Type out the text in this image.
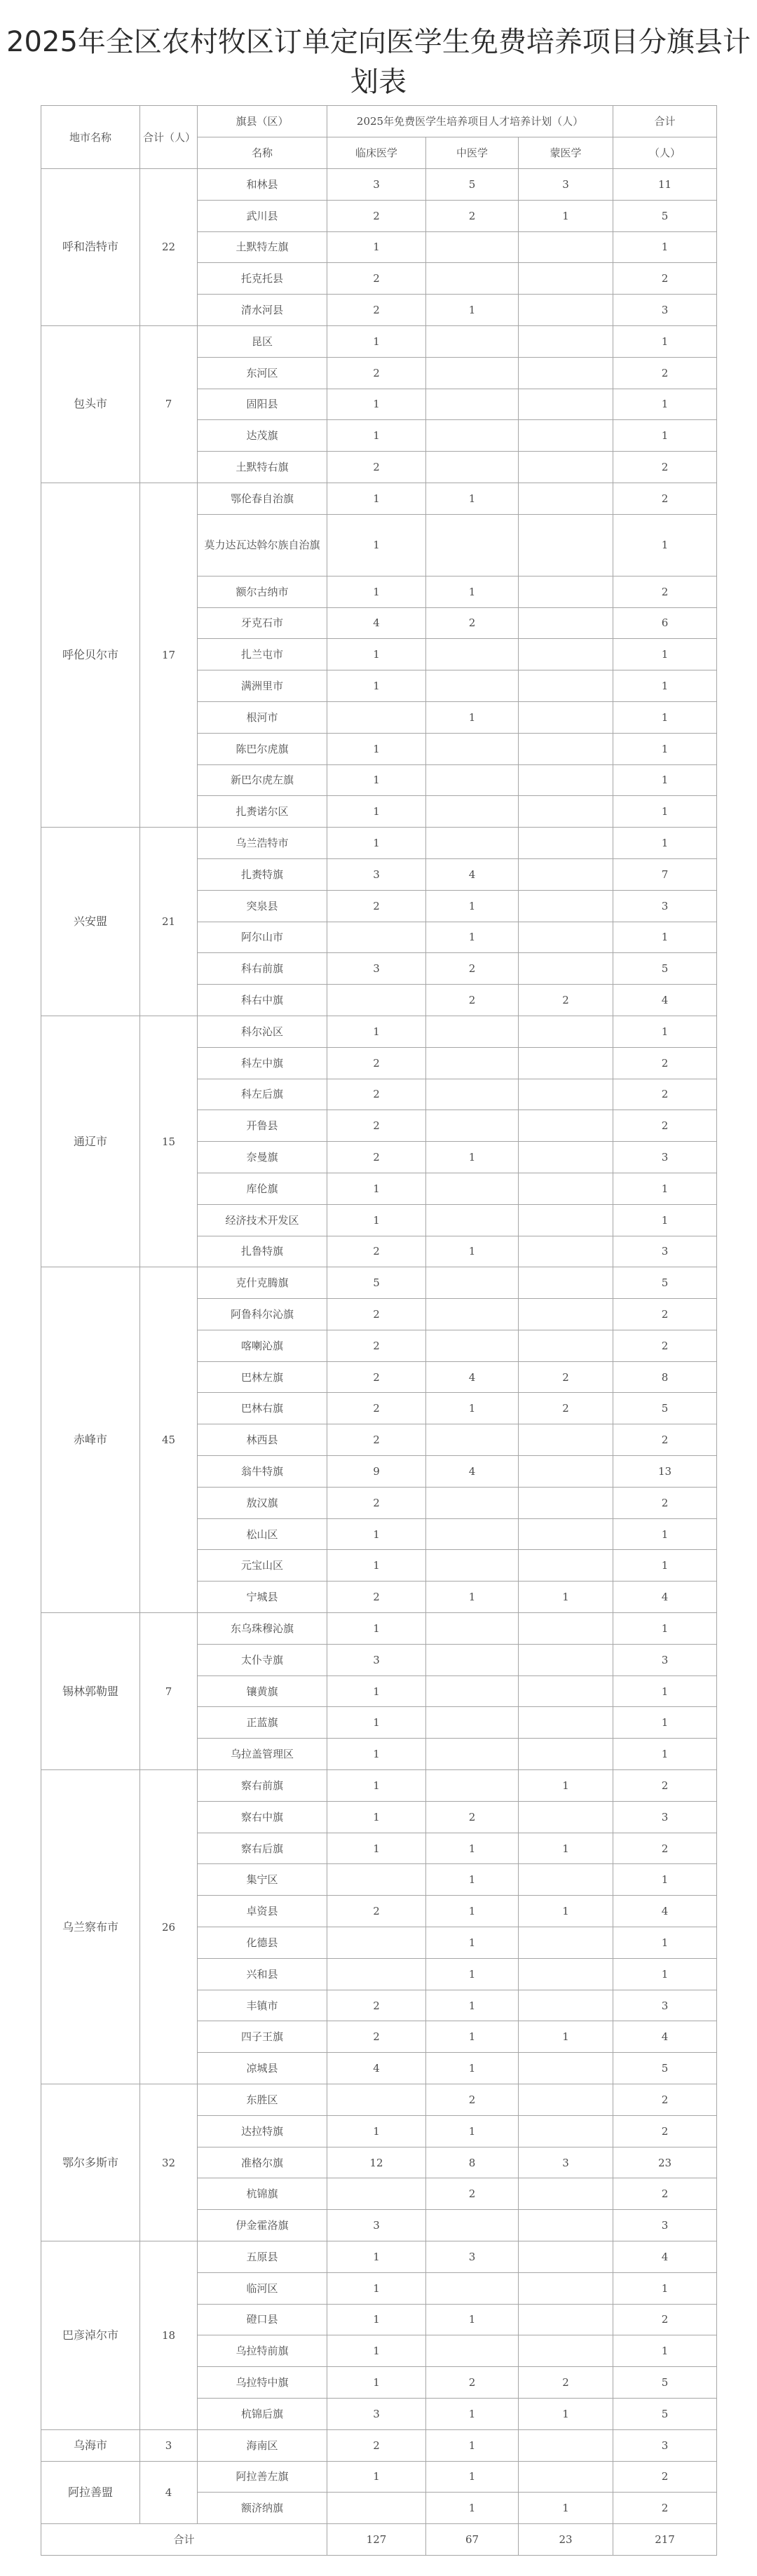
2025年全区农村牧区订单定向医学生免费培养项目分旗县计划表
地市名称	合计（人）	旗县（区）	2025年免费医学生培养项目人才培养计划（人）			合计
		名称	临床医学	中医学	蒙医学	（人）
呼和浩特市	22	和林县	3	5	3	11
		武川县	2	2	1	5
		土默特左旗	1			1
		托克托县	2			2
		清水河县	2	1		3
包头市	7	昆区	1			1
		东河区	2			2
		固阳县	1			1
		达茂旗	1			1
		土默特右旗	2			2
呼伦贝尔市	17	鄂伦春自治旗	1	1		2
		莫力达瓦达斡尔族自治旗	1			1
		额尔古纳市	1	1		2
		牙克石市	4	2		6
		扎兰屯市	1			1
		满洲里市	1			1
		根河市		1		1
		陈巴尔虎旗	1			1
		新巴尔虎左旗	1			1
		扎赉诺尔区	1			1
兴安盟	21	乌兰浩特市	1			1
		扎赉特旗	3	4		7
		突泉县	2	1		3
		阿尔山市		1		1
		科右前旗	3	2		5
		科右中旗		2	2	4
通辽市	15	科尔沁区	1			1
		科左中旗	2			2
		科左后旗	2			2
		开鲁县	2			2
		奈曼旗	2	1		3
		库伦旗	1			1
		经济技术开发区	1			1
		扎鲁特旗	2	1		3
赤峰市	45	克什克腾旗	5			5
		阿鲁科尔沁旗	2			2
		喀喇沁旗	2			2
		巴林左旗	2	4	2	8
		巴林右旗	2	1	2	5
		林西县	2			2
		翁牛特旗	9	4		13
		敖汉旗	2			2
		松山区	1			1
		元宝山区	1			1
		宁城县	2	1	1	4
锡林郭勒盟	7	东乌珠穆沁旗	1			1
		太仆寺旗	3			3
		镶黄旗	1			1
		正蓝旗	1			1
		乌拉盖管理区	1			1
乌兰察布市	26	察右前旗	1		1	2
		察右中旗	1	2		3
		察右后旗	1	1	1	2
		集宁区		1		1
		卓资县	2	1	1	4
		化德县		1		1
		兴和县		1		1
		丰镇市	2	1		3
		四子王旗	2	1	1	4
		凉城县	4	1		5
鄂尔多斯市	32	东胜区		2		2
		达拉特旗	1	1		2
		准格尔旗	12	8	3	23
		杭锦旗		2		2
		伊金霍洛旗	3			3
巴彦淖尔市	18	五原县	1	3		4
		临河区	1			1
		磴口县	1	1		2
		乌拉特前旗	1			1
		乌拉特中旗	1	2	2	5
		杭锦后旗	3	1	1	5
乌海市	3	海南区	2	1		3
阿拉善盟	4	阿拉善左旗	1	1		2
		额济纳旗		1	1	2
合计			127	67	23	217
